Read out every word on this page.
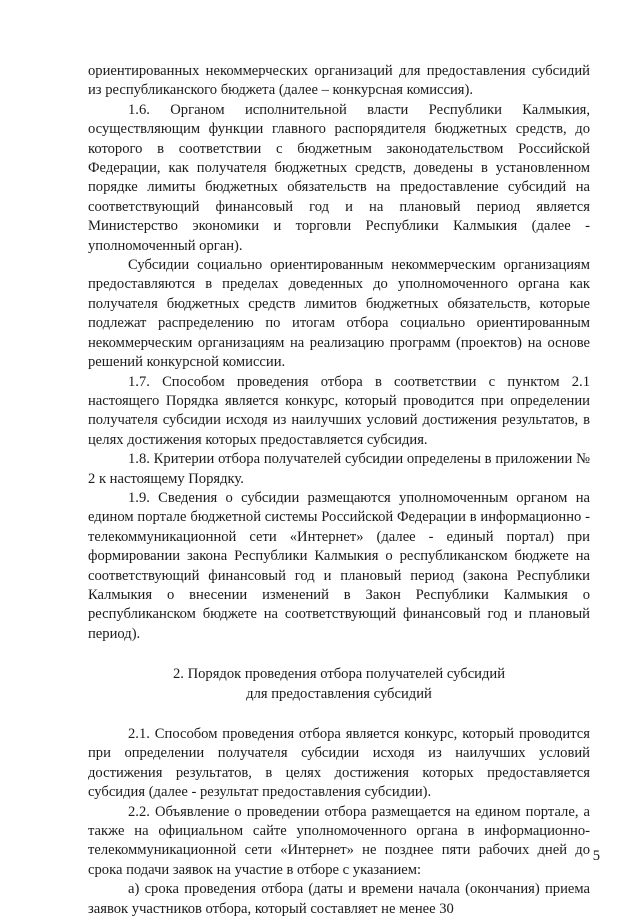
ориентированных некоммерческих организаций для предоставления субсидий из республиканского бюджета (далее – конкурсная комиссия).

1.6. Органом исполнительной власти Республики Калмыкия, осуществляющим функции главного распорядителя бюджетных средств, до которого в соответствии с бюджетным законодательством Российской Федерации, как получателя бюджетных средств, доведены в установленном порядке лимиты бюджетных обязательств на предоставление субсидий на соответствующий финансовый год и на плановый период является Министерство экономики и торговли Республики Калмыкия (далее - уполномоченный орган).

Субсидии социально ориентированным некоммерческим организациям предоставляются в пределах доведенных до уполномоченного органа как получателя бюджетных средств лимитов бюджетных обязательств, которые подлежат распределению по итогам отбора социально ориентированным некоммерческим организациям на реализацию программ (проектов) на основе решений конкурсной комиссии.

1.7. Способом проведения отбора в соответствии с пунктом 2.1 настоящего Порядка является конкурс, который проводится при определении получателя субсидии исходя из наилучших условий достижения результатов, в целях достижения которых предоставляется субсидия.

1.8. Критерии отбора получателей субсидии определены в приложении № 2 к настоящему Порядку.

1.9. Сведения о субсидии размещаются уполномоченным органом на едином портале бюджетной системы Российской Федерации в информационно - телекоммуникационной сети «Интернет» (далее - единый портал) при формировании закона Республики Калмыкия о республиканском бюджете на соответствующий финансовый год и плановый период (закона Республики Калмыкия о внесении изменений в Закон Республики Калмыкия о республиканском бюджете на соответствующий финансовый год и плановый период).

2. Порядок проведения отбора получателей субсидий
для предоставления субсидий

2.1. Способом проведения отбора является конкурс, который проводится при определении получателя субсидии исходя из наилучших условий достижения результатов, в целях достижения которых предоставляется субсидия (далее - результат предоставления субсидии).

2.2. Объявление о проведении отбора размещается на едином портале, а также на официальном сайте уполномоченного органа в информационно-телекоммуникационной сети «Интернет» не позднее пяти рабочих дней до срока подачи заявок на участие в отборе с указанием:

а) срока проведения отбора (даты и времени начала (окончания) приема заявок участников отбора, который составляет не менее 30

5
